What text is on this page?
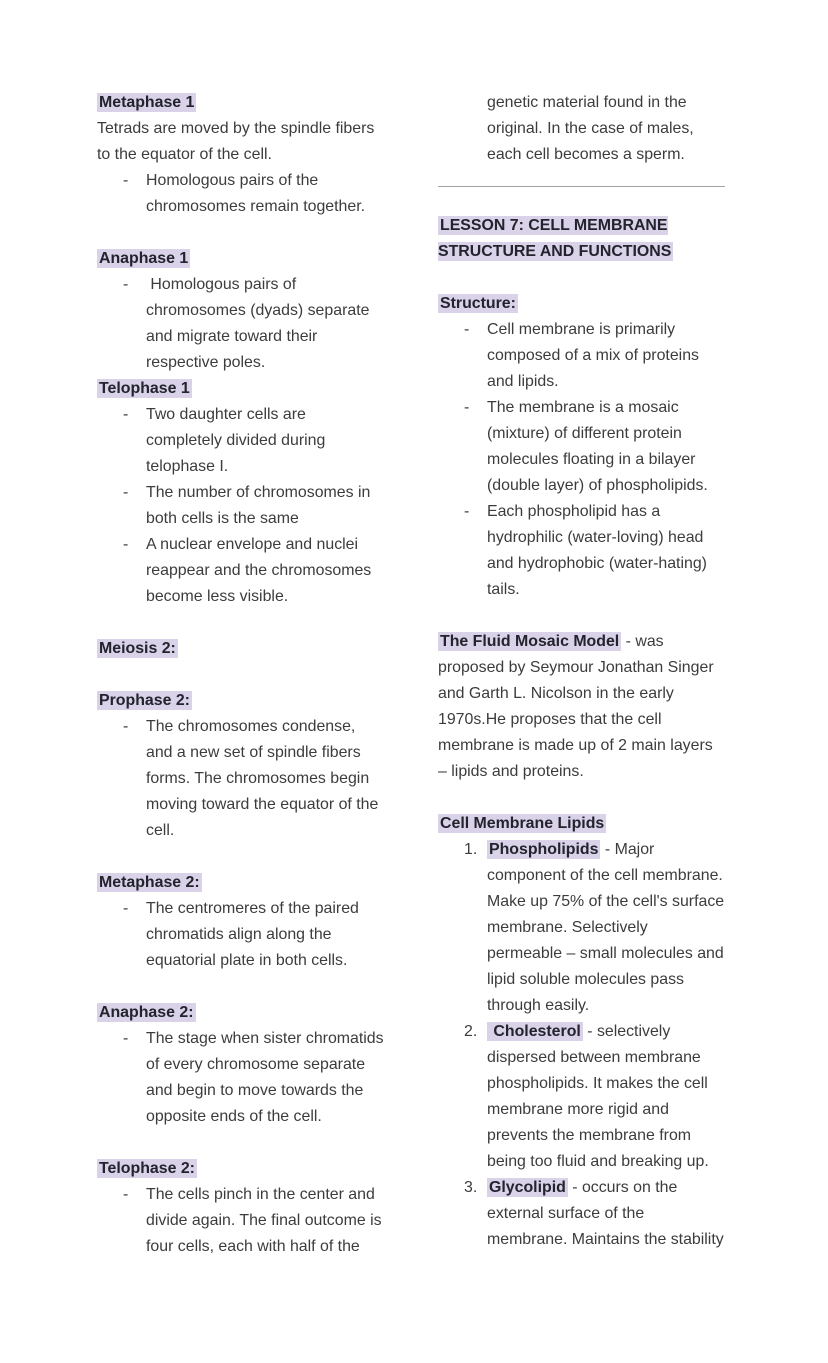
Metaphase 1
Tetrads are moved by the spindle fibers to the equator of the cell.
-	Homologous pairs of the chromosomes remain together.
Anaphase 1
-	Homologous pairs of chromosomes (dyads) separate and migrate toward their respective poles.
Telophase 1
-	Two daughter cells are completely divided during telophase I.
-	The number of chromosomes in both cells is the same
-	A nuclear envelope and nuclei reappear and the chromosomes become less visible.
Meiosis 2:
Prophase 2:
-	The chromosomes condense, and a new set of spindle fibers forms. The chromosomes begin moving toward the equator of the cell.
Metaphase 2:
-	The centromeres of the paired chromatids align along the equatorial plate in both cells.
Anaphase 2:
-	The stage when sister chromatids of every chromosome separate and begin to move towards the opposite ends of the cell.
Telophase 2:
-	The cells pinch in the center and divide again. The final outcome is four cells, each with half of the
genetic material found in the original. In the case of males, each cell becomes a sperm.
LESSON 7: CELL MEMBRANE STRUCTURE AND FUNCTIONS
Structure:
-	Cell membrane is primarily composed of a mix of proteins and lipids.
-	The membrane is a mosaic (mixture) of different protein molecules floating in a bilayer (double layer) of phospholipids.
-	Each phospholipid has a hydrophilic (water-loving) head and hydrophobic (water-hating) tails.
The Fluid Mosaic Model - was proposed by Seymour Jonathan Singer and Garth L. Nicolson in the early 1970s.He proposes that the cell membrane is made up of 2 main layers – lipids and proteins.
Cell Membrane Lipids
1. Phospholipids - Major component of the cell membrane. Make up 75% of the cell's surface membrane. Selectively permeable – small molecules and lipid soluble molecules pass through easily.
2. Cholesterol - selectively dispersed between membrane phospholipids. It makes the cell membrane more rigid and prevents the membrane from being too fluid and breaking up.
3. Glycolipid - occurs on the external surface of the membrane. Maintains the stability
